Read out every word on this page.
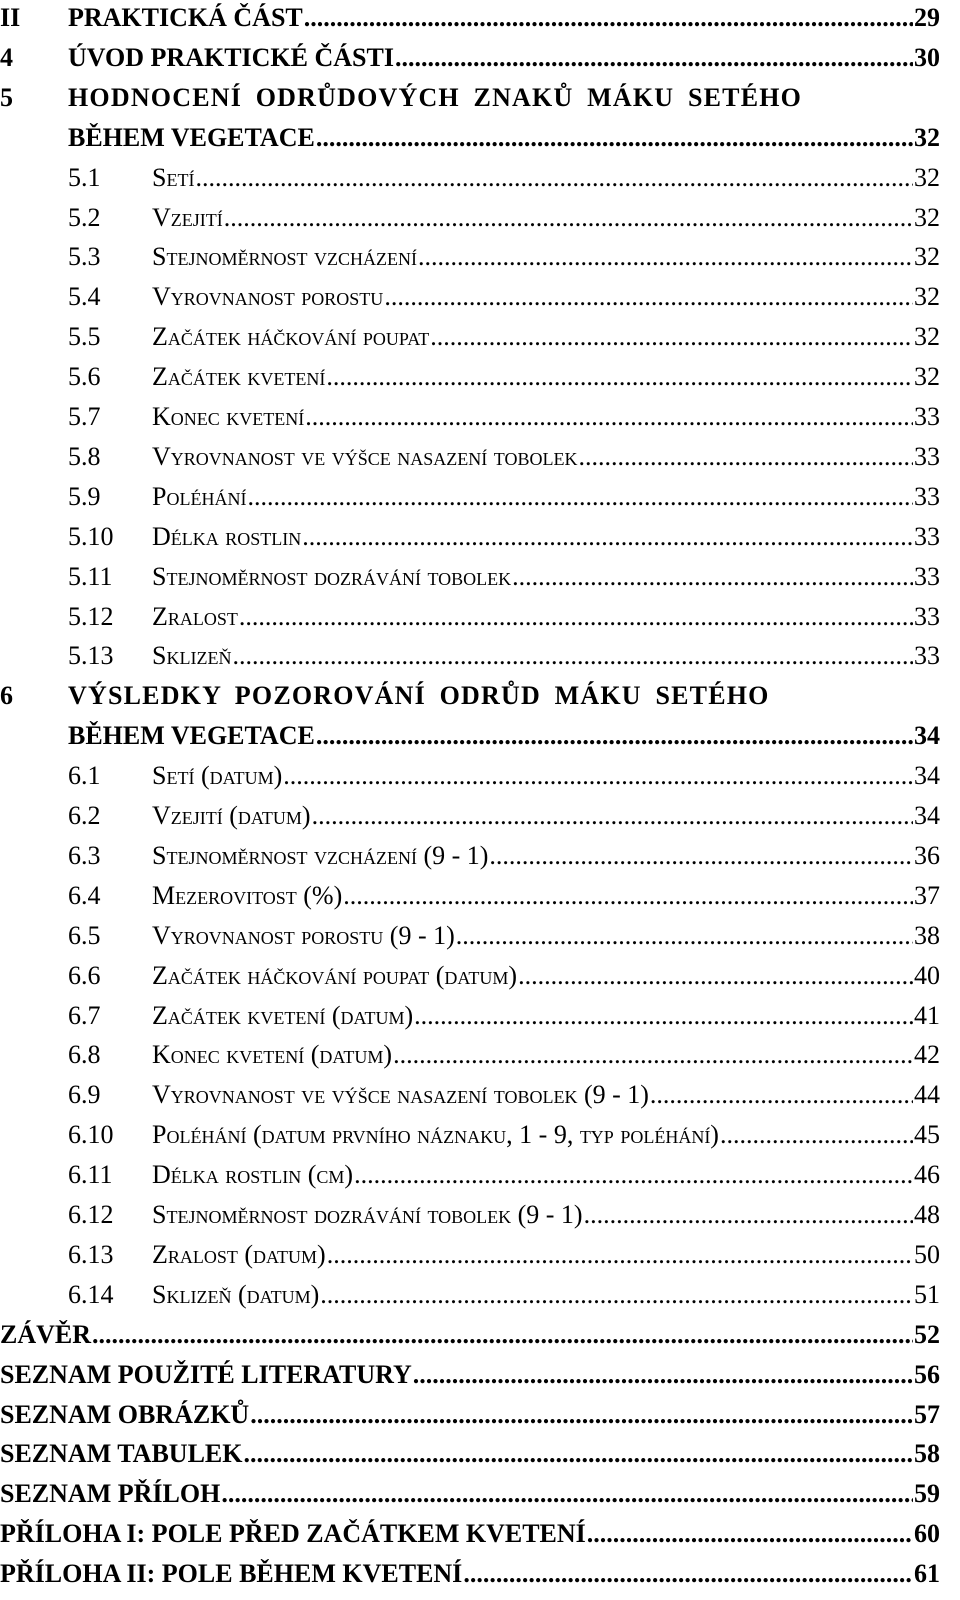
II	PRAKTICKÁ ČÁST .....	29
4	ÚVOD PRAKTICKÉ ČÁSTI .....	30
5	HODNOCENÍ ODRŮDOVÝCH ZNAKŮ MÁKU SETÉHO
BĚHEM VEGETACE .....	32
5.1	Setí .....	32
5.2	Vzejití .....	32
5.3	Stejnoměrnost vzcházení .....	32
5.4	Vyrovnanost porostu .....	32
5.5	Začátek háčkování poupat .....	32
5.6	Začátek kvetení .....	32
5.7	Konec kvetení .....	33
5.8	Vyrovnanost ve výšce nasazení tobolek .....	33
5.9	Poléhání .....	33
5.10	Délka rostlin .....	33
5.11	Stejnoměrnost dozrávání tobolek .....	33
5.12	Zralost .....	33
5.13	Sklizeň .....	33
6	VÝSLEDKY POZOROVÁNÍ ODRŮD MÁKU SETÉHO
BĚHEM VEGETACE .....	34
6.1	Setí (datum) .....	34
6.2	Vzejití (datum) .....	34
6.3	Stejnoměrnost vzcházení (9 - 1) .....	36
6.4	Mezerovitost (%) .....	37
6.5	Vyrovnanost porostu (9 - 1) .....	38
6.6	Začátek háčkování poupat (datum) .....	40
6.7	Začátek kvetení (datum) .....	41
6.8	Konec kvetení (datum) .....	42
6.9	Vyrovnanost ve výšce nasazení tobolek (9 - 1) .....	44
6.10	Poléhání (datum prvního náznaku, 1 - 9, typ poléhání) .....	45
6.11	Délka rostlin (cm) .....	46
6.12	Stejnoměrnost dozrávání tobolek (9 - 1) .....	48
6.13	Zralost (datum) .....	50
6.14	Sklizeň (datum) .....	51
ZÁVĚR .....	52
SEZNAM POUŽITÉ LITERATURY .....	56
SEZNAM OBRÁZKŮ .....	57
SEZNAM TABULEK .....	58
SEZNAM PŘÍLOH .....	59
PŘÍLOHA I: POLE PŘED ZAČÁTKEM KVETENÍ .....	60
PŘÍLOHA II: POLE BĚHEM KVETENÍ .....	61
